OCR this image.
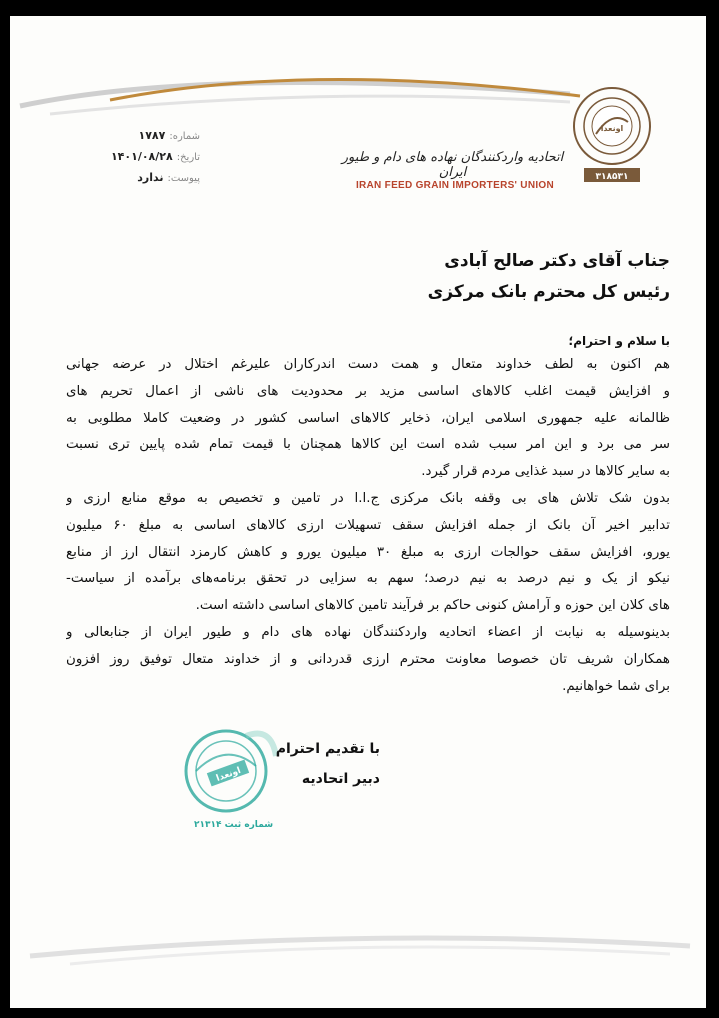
اونعدا
۳۱۸۵۳۱
اتحادیه واردکنندگان نهاده های دام و طیور ایران
IRAN FEED GRAIN IMPORTERS' UNION
شماره:۱۷۸۷
تاریخ:۱۴۰۱/۰۸/۲۸
پیوست:ندارد
جناب آقای دکتر صالح آبادی
رئیس کل محترم بانک مرکزی
با سلام و احترام؛
هم اکنون به لطف خداوند متعال و همت دست اندرکاران علیرغم اختلال در عرضه جهانی
و افزایش قیمت اغلب کالاهای اساسی مزید بر محدودیت های ناشی از اعمال تحریم های
ظالمانه علیه جمهوری اسلامی ایران، ذخایر کالاهای اساسی کشور در وضعیت کاملا مطلوبی به
سر می برد و این امر سبب شده است این کالاها همچنان با قیمت تمام شده پایین تری نسبت
به سایر کالاها در سبد غذایی مردم قرار گیرد.
بدون شک تلاش های بی وقفه بانک مرکزی ج.ا.ا در تامین و تخصیص به موقع منابع ارزی و
تدابیر اخیر آن بانک از جمله افزایش سقف تسهیلات ارزی کالاهای اساسی به مبلغ ۶۰ میلیون
یورو، افزایش سقف حوالجات ارزی به مبلغ ۳۰ میلیون یورو و کاهش کارمزد انتقال ارز از منابع
نیکو از یک و نیم درصد به نیم درصد؛ سهم به سزایی در تحقق برنامه‌های برآمده از سیاست-
های کلان این حوزه و آرامش کنونی حاکم بر فرآیند تامین کالاهای اساسی داشته است.
بدینوسیله به نیابت از اعضاء اتحادیه واردکنندگان نهاده های دام و طیور ایران از جنابعالی و
همکاران شریف تان خصوصا معاونت محترم ارزی قدردانی و از خداوند متعال توفیق روز افزون
برای شما خواهانیم.
اونعدا
با تقدیم احترام
دبیر اتحادیه
شماره ثبت ۲۱۳۱۴
